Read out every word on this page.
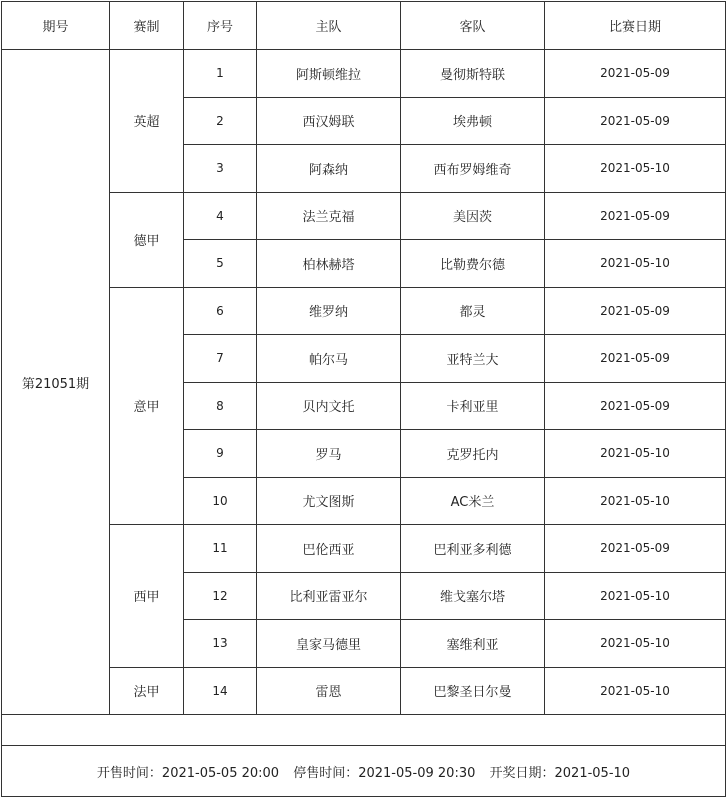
期号	赛制	序号	主队	客队	比赛日期
第21051期	英超	1	阿斯顿维拉	曼彻斯特联	2021-05-09
		2	西汉姆联	埃弗顿	2021-05-09
		3	阿森纳	西布罗姆维奇	2021-05-10
	德甲	4	法兰克福	美因茨	2021-05-09
		5	柏林赫塔	比勒费尔德	2021-05-10
	意甲	6	维罗纳	都灵	2021-05-09
		7	帕尔马	亚特兰大	2021-05-09
		8	贝内文托	卡利亚里	2021-05-09
		9	罗马	克罗托内	2021-05-10
		10	尤文图斯	AC米兰	2021-05-10
	西甲	11	巴伦西亚	巴利亚多利德	2021-05-09
		12	比利亚雷亚尔	维戈塞尔塔	2021-05-10
		13	皇家马德里	塞维利亚	2021-05-10
	法甲	14	雷恩	巴黎圣日尔曼	2021-05-10

开售时间：2021-05-05 20:00 停售时间：2021-05-09 20:30 开奖日期：2021-05-10					
